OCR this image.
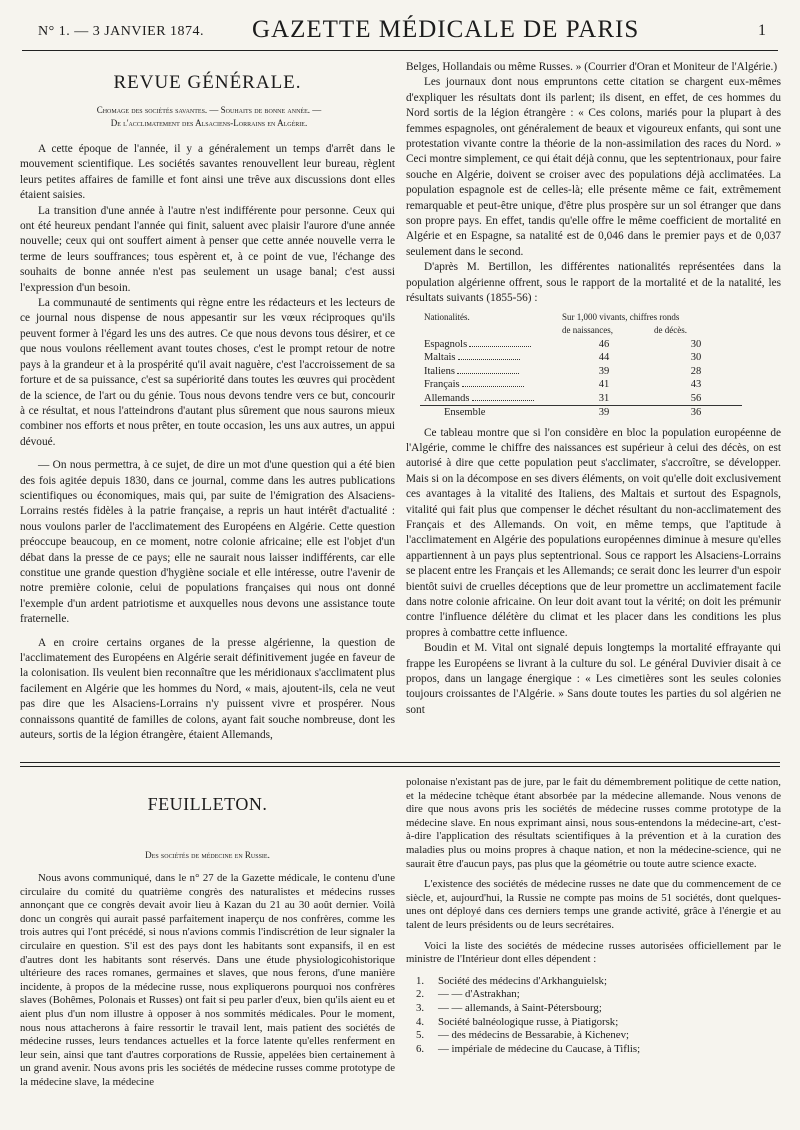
N° 1. — 3 JANVIER 1874. GAZETTE MÉDICALE DE PARIS	1
REVUE GÉNÉRALE.
Chomage des sociétés savantes. — Souhaits de bonne année. —
De l'acclimatement des Alsaciens-Lorrains en Algérie.

A cette époque de l'année, il y a généralement un temps d'arrêt dans le mouvement scientifique. Les sociétés savantes renouvellent leur bureau, règlent leurs petites affaires de famille et font ainsi une trêve aux discussions dont elles étaient saisies.

La transition d'une année à l'autre n'est indifférente pour personne. Ceux qui ont été heureux pendant l'année qui finit, saluent avec plaisir l'aurore d'une année nouvelle; ceux qui ont souffert aiment à penser que cette année nouvelle verra le terme de leurs souffrances; tous espèrent et, à ce point de vue, l'échange des souhaits de bonne année n'est pas seulement un usage banal; c'est aussi l'expression d'un besoin.

La communauté de sentiments qui règne entre les rédacteurs et les lecteurs de ce journal nous dispense de nous appesantir sur les vœux réciproques qu'ils peuvent former à l'égard les uns des autres. Ce que nous devons tous désirer, et ce que nous voulons réellement avant toutes choses, c'est le prompt retour de notre pays à la grandeur et à la prospérité qu'il avait naguère, c'est l'accroissement de sa forture et de sa puissance, c'est sa supériorité dans toutes les œuvres qui procèdent de la science, de l'art ou du génie. Tous nous devons tendre vers ce but, concourir à ce résultat, et nous l'atteindrons d'autant plus sûrement que nous saurons mieux combiner nos efforts et nous prêter, en toute occasion, les uns aux autres, un appui dévoué.

— On nous permettra, à ce sujet, de dire un mot d'une question qui a été bien des fois agitée depuis 1830, dans ce journal, comme dans les autres publications scientifiques ou économiques, mais qui, par suite de l'émigration des Alsaciens-Lorrains restés fidèles à la patrie française, a repris un haut intérêt d'actualité : nous voulons parler de l'acclimatement des Européens en Algérie. Cette question préoccupe beaucoup, en ce moment, notre colonie africaine; elle est l'objet d'un débat dans la presse de ce pays; elle ne saurait nous laisser indifférents, car elle constitue une grande question d'hygiène sociale et elle intéresse, outre l'avenir de notre première colonie, celui de populations françaises qui nous ont donné l'exemple d'un ardent patriotisme et auxquelles nous devons une assistance toute fraternelle.

A en croire certains organes de la presse algérienne, la question de l'acclimatement des Européens en Algérie serait définitivement jugée en faveur de la colonisation. Ils veulent bien reconnaître que les méridionaux s'acclimatent plus facilement en Algérie que les hommes du Nord, « mais, ajoutent-ils, cela ne veut pas dire que les Alsaciens-Lorrains n'y puissent vivre et prospérer. Nous connaissons quantité de familles de colons, ayant fait souche nombreuse, dont les auteurs, sortis de la légion étrangère, étaient Allemands,

Belges, Hollandais ou même Russes. » (Courrier d'Oran et Moniteur de l'Algérie.)

Les journaux dont nous empruntons cette citation se chargent eux-mêmes d'expliquer les résultats dont ils parlent; ils disent, en effet, de ces hommes du Nord sortis de la légion étrangère : « Ces colons, mariés pour la plupart à des femmes espagnoles, ont généralement de beaux et vigoureux enfants, qui sont une protestation vivante contre la théorie de la non-assimilation des races du Nord. » Ceci montre simplement, ce qui était déjà connu, que les septentrionaux, pour faire souche en Algérie, doivent se croiser avec des populations déjà acclimatées. La population espagnole est de celles-là; elle présente même ce fait, extrêmement remarquable et peut-être unique, d'être plus prospère sur un sol étranger que dans son propre pays. En effet, tandis qu'elle offre le même coefficient de mortalité en Algérie et en Espagne, sa natalité est de 0,046 dans le premier pays et de 0,037 seulement dans le second.

D'après M. Bertillon, les différentes nationalités représentées dans la population algérienne offrent, sous le rapport de la mortalité et de la natalité, les résultats suivants (1855-56) :

Nationalités.	Sur 1,000 vivants, chiffres ronds	
	de naissances,	de décès.
Espagnols	46	30
Maltais	44	30
Italiens	39	28
Français	41	43
Allemands	31	56
Ensemble	39	36

Ce tableau montre que si l'on considère en bloc la population européenne de l'Algérie, comme le chiffre des naissances est supérieur à celui des décès, on est autorisé à dire que cette population peut s'acclimater, s'accroître, se développer. Mais si on la décompose en ses divers éléments, on voit qu'elle doit exclusivement ces avantages à la vitalité des Italiens, des Maltais et surtout des Espagnols, vitalité qui fait plus que compenser le déchet résultant du non-acclimatement des Français et des Allemands. On voit, en même temps, que l'aptitude à l'acclimatement en Algérie des populations européennes diminue à mesure qu'elles appartiennent à un pays plus septentrional. Sous ce rapport les Alsaciens-Lorrains se placent entre les Français et les Allemands; ce serait donc les leurrer d'un espoir bientôt suivi de cruelles déceptions que de leur promettre un acclimatement facile dans notre colonie africaine. On leur doit avant tout la vérité; on doit les prémunir contre l'influence délétère du climat et les placer dans les conditions les plus propres à combattre cette influence.

Boudin et M. Vital ont signalé depuis longtemps la mortalité effrayante qui frappe les Européens se livrant à la culture du sol. Le général Duvivier disait à ce propos, dans un langage énergique : « Les cimetières sont les seules colonies toujours croissantes de l'Algérie. » Sans doute toutes les parties du sol algérien ne sont

FEUILLETON.
Des sociétés de médecine en Russie.

Nous avons communiqué, dans le n° 27 de la Gazette médicale, le contenu d'une circulaire du comité du quatrième congrès des naturalistes et médecins russes annonçant que ce congrès devait avoir lieu à Kazan du 21 au 30 août dernier. Voilà donc un congrès qui aurait passé parfaitement inaperçu de nos confrères, comme les trois autres qui l'ont précédé, si nous n'avions commis l'indiscrétion de leur signaler la circulaire en question. S'il est des pays dont les habitants sont expansifs, il en est d'autres dont les habitants sont réservés. Dans une étude physiologicohistorique ultérieure des races romanes, germaines et slaves, que nous ferons, d'une manière incidente, à propos de la médecine russe, nous expliquerons pourquoi nos confrères slaves (Bohêmes, Polonais et Russes) ont fait si peu parler d'eux, bien qu'ils aient eu et aient plus d'un nom illustre à opposer à nos sommités médicales. Pour le moment, nous nous attacherons à faire ressortir le travail lent, mais patient des sociétés de médecine russes, leurs tendances actuelles et la force latente qu'elles renferment en leur sein, ainsi que tant d'autres corporations de Russie, appelées bien certainement à un grand avenir. Nous avons pris les sociétés de médecine russes comme prototype de la médecine slave, la médecine

polonaise n'existant pas de jure, par le fait du démembrement politique de cette nation, et la médecine tchèque étant absorbée par la médecine allemande. Nous venons de dire que nous avons pris les sociétés de médecine russes comme prototype de la médecine slave. En nous exprimant ainsi, nous sous-entendons la médecine-art, c'est-à-dire l'application des résultats scientifiques à la prévention et à la curation des maladies plus ou moins propres à chaque nation, et non la médecine-science, qui ne saurait être d'aucun pays, pas plus que la géométrie ou toute autre science exacte.

L'existence des sociétés de médecine russes ne date que du commencement de ce siècle, et, aujourd'hui, la Russie ne compte pas moins de 51 sociétés, dont quelques-unes ont déployé dans ces derniers temps une grande activité, grâce à l'énergie et au talent de leurs présidents ou de leurs secrétaires.

Voici la liste des sociétés de médecine russes autorisées officiellement par le ministre de l'Intérieur dont elles dépendent :

1. Société des médecins d'Arkhanguielsk;
2. — — d'Astrakhan;
3. — — allemands, à Saint-Pétersbourg;
4. Société balnéologique russe, à Piatigorsk;
5. — des médecins de Bessarabie, à Kichenev;
6. — impériale de médecine du Caucase, à Tiflis;
